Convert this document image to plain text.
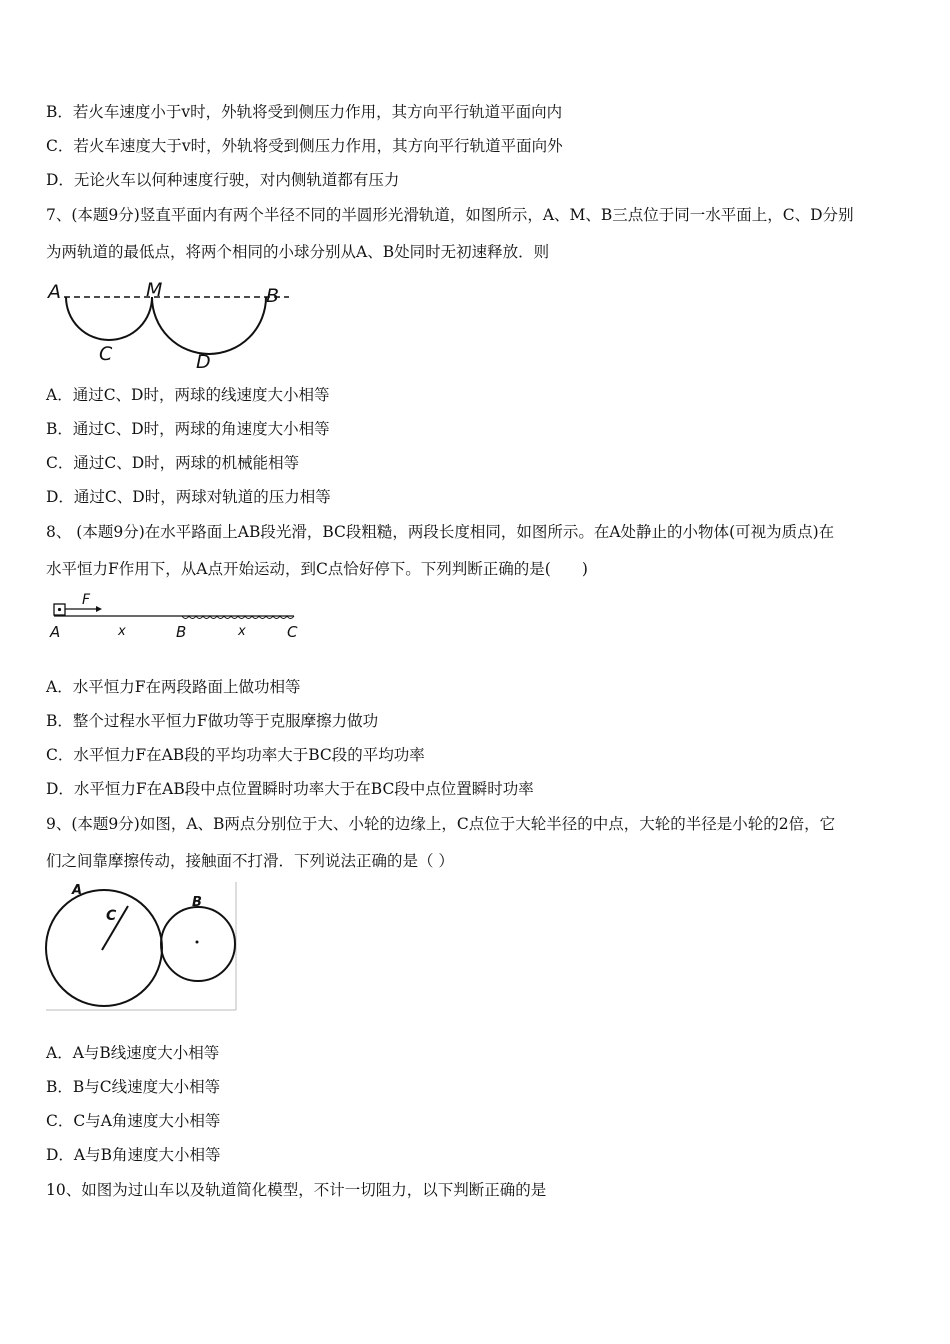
B．若火车速度小于v时，外轨将受到侧压力作用，其方向平行轨道平面向内
C．若火车速度大于v时，外轨将受到侧压力作用，其方向平行轨道平面向外
D．无论火车以何种速度行驶，对内侧轨道都有压力
7、(本题9分)竖直平面内有两个半径不同的半圆形光滑轨道，如图所示，A、M、B三点位于同一水平面上，C、D分别
为两轨道的最低点，将两个相同的小球分别从A、B处同时无初速释放．则
A	M	B
C	D
A．通过C、D时，两球的线速度大小相等
B．通过C、D时，两球的角速度大小相等
C．通过C、D时，两球的机械能相等
D．通过C、D时，两球对轨道的压力相等
8、 (本题9分)在水平路面上AB段光滑，BC段粗糙，两段长度相同，如图所示。在A处静止的小物体(可视为质点)在
水平恒力F作用下，从A点开始运动，到C点恰好停下。下列判断正确的是(　　)
F
A	x	B	x	C
A．水平恒力F在两段路面上做功相等
B．整个过程水平恒力F做功等于克服摩擦力做功
C．水平恒力F在AB段的平均功率大于BC段的平均功率
D．水平恒力F在AB段中点位置瞬时功率大于在BC段中点位置瞬时功率
9、(本题9分)如图，A、B两点分别位于大、小轮的边缘上，C点位于大轮半径的中点，大轮的半径是小轮的2倍，它
们之间靠摩擦传动，接触面不打滑．下列说法正确的是（ ）
A
C
B
A．A与B线速度大小相等
B．B与C线速度大小相等
C．C与A角速度大小相等
D．A与B角速度大小相等
10、如图为过山车以及轨道简化模型，不计一切阻力，以下判断正确的是
